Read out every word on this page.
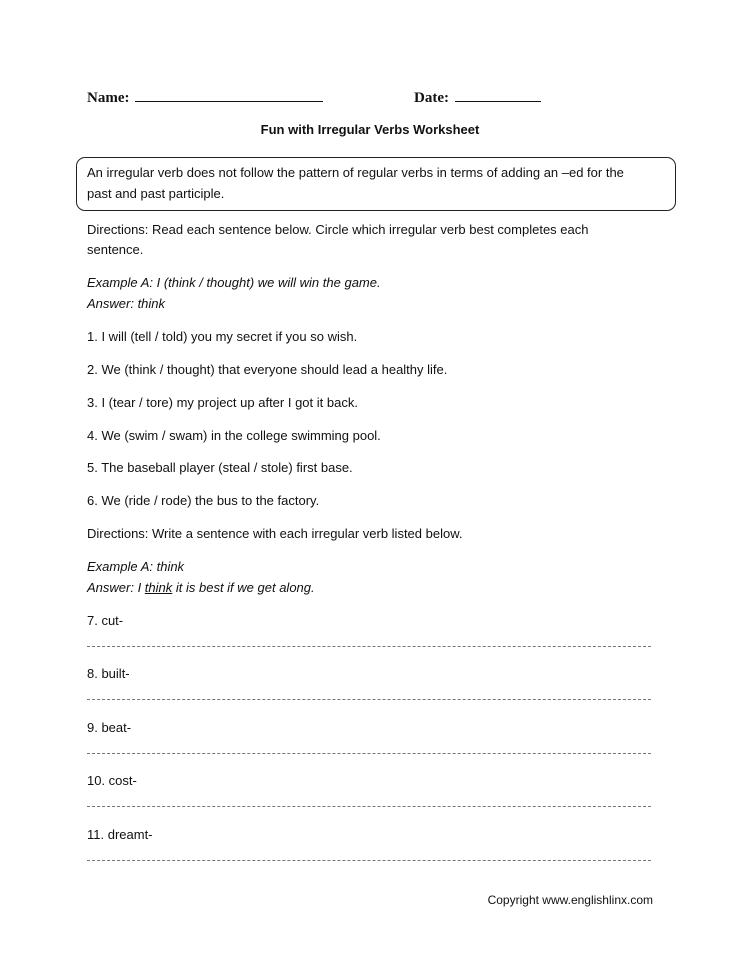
Name:	Date:
Fun with Irregular Verbs Worksheet
An irregular verb does not follow the pattern of regular verbs in terms of adding an –ed for the
past and past participle.
Directions: Read each sentence below. Circle which irregular verb best completes each
sentence.
Example A: I (think / thought) we will win the game.
Answer: think
1. I will (tell / told) you my secret if you so wish.
2. We (think / thought) that everyone should lead a healthy life.
3. I (tear / tore) my project up after I got it back.
4. We (swim / swam) in the college swimming pool.
5. The baseball player (steal / stole) first base.
6. We (ride / rode) the bus to the factory.
Directions: Write a sentence with each irregular verb listed below.
Example A: think
Answer: I think it is best if we get along.
7. cut-
8. built-
9. beat-
10. cost-
11. dreamt-
Copyright www.englishlinx.com
